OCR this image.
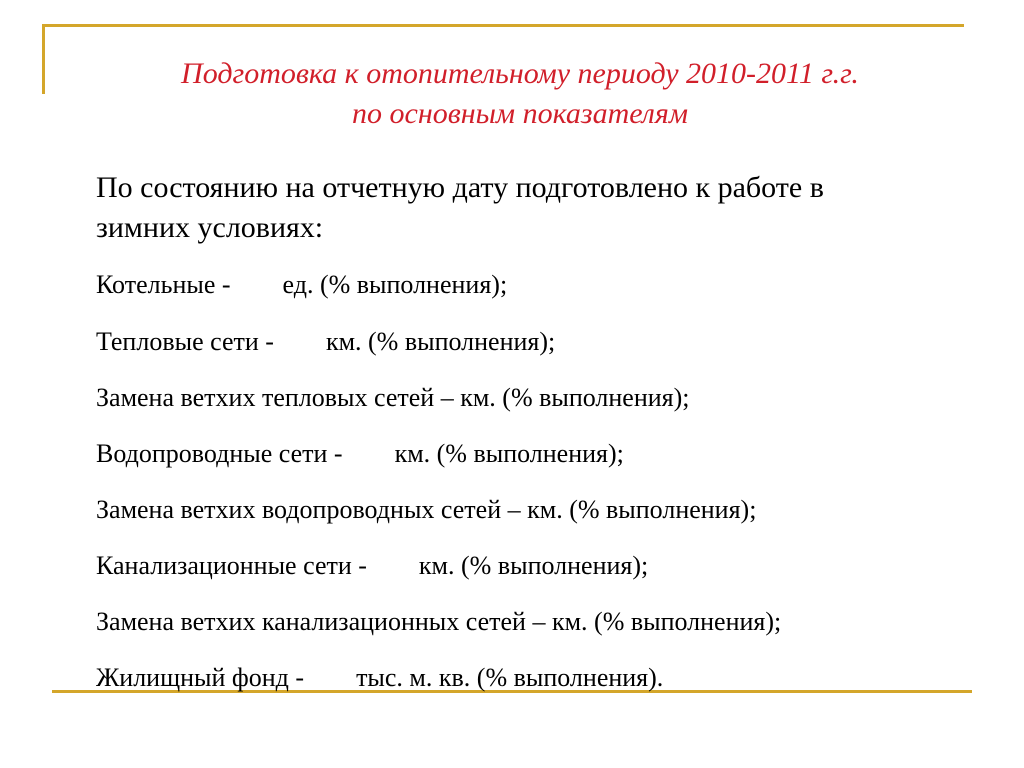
Подготовка к отопительному периоду 2010-2011 г.г.
по основным показателям
По состоянию на отчетную дату подготовлено к работе в
зимних условиях:
Котельные -        ед. (% выполнения);
Тепловые сети -        км. (% выполнения);
Замена ветхих тепловых сетей – км. (% выполнения);
Водопроводные сети -        км. (% выполнения);
Замена ветхих водопроводных сетей – км. (% выполнения);
Канализационные сети -        км. (% выполнения);
Замена ветхих канализационных сетей – км. (% выполнения);
Жилищный фонд -        тыс. м. кв. (% выполнения).
